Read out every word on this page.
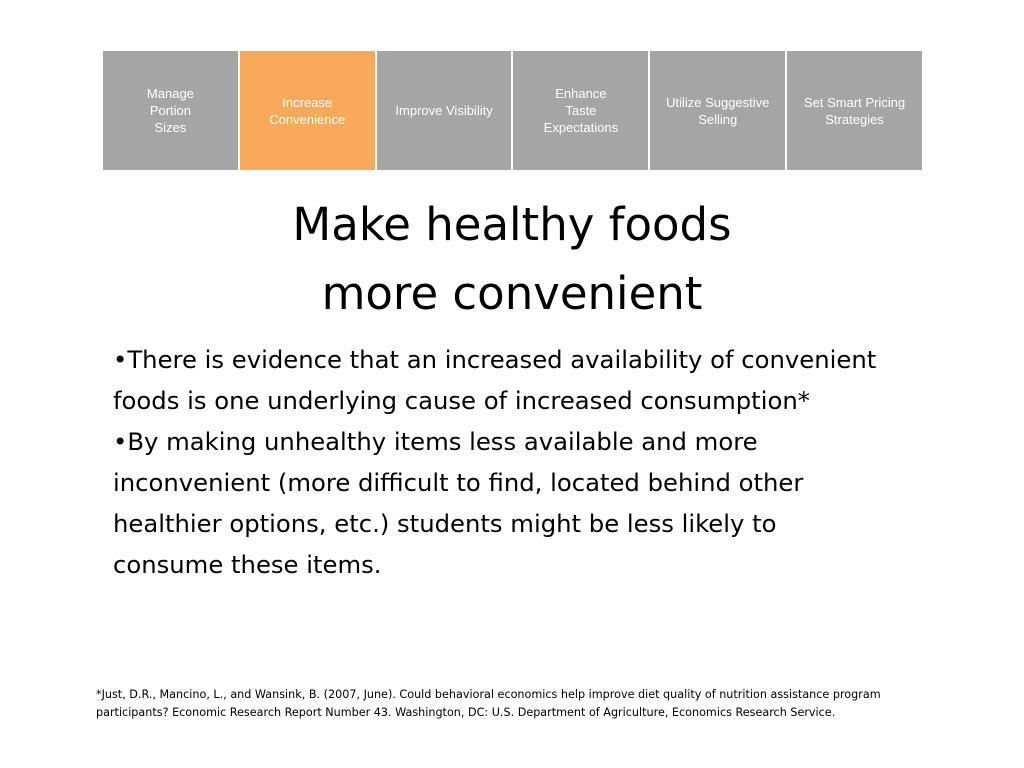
Manage
Portion
Sizes
Increase
Convenience
Improve Visibility
Enhance
Taste
Expectations
Utilize Suggestive
Selling
Set Smart Pricing
Strategies
Make healthy foods
more convenient

•There is evidence that an increased availability of convenient foods is one underlying cause of increased consumption*

•By making unhealthy items less available and more inconvenient (more difficult to find, located behind other healthier options, etc.) students might be less likely to consume these items.

*Just, D.R., Mancino, L., and Wansink, B. (2007, June). Could behavioral economics help improve diet quality of nutrition assistance program participants? Economic Research Report Number 43. Washington, DC: U.S. Department of Agriculture, Economics Research Service.
